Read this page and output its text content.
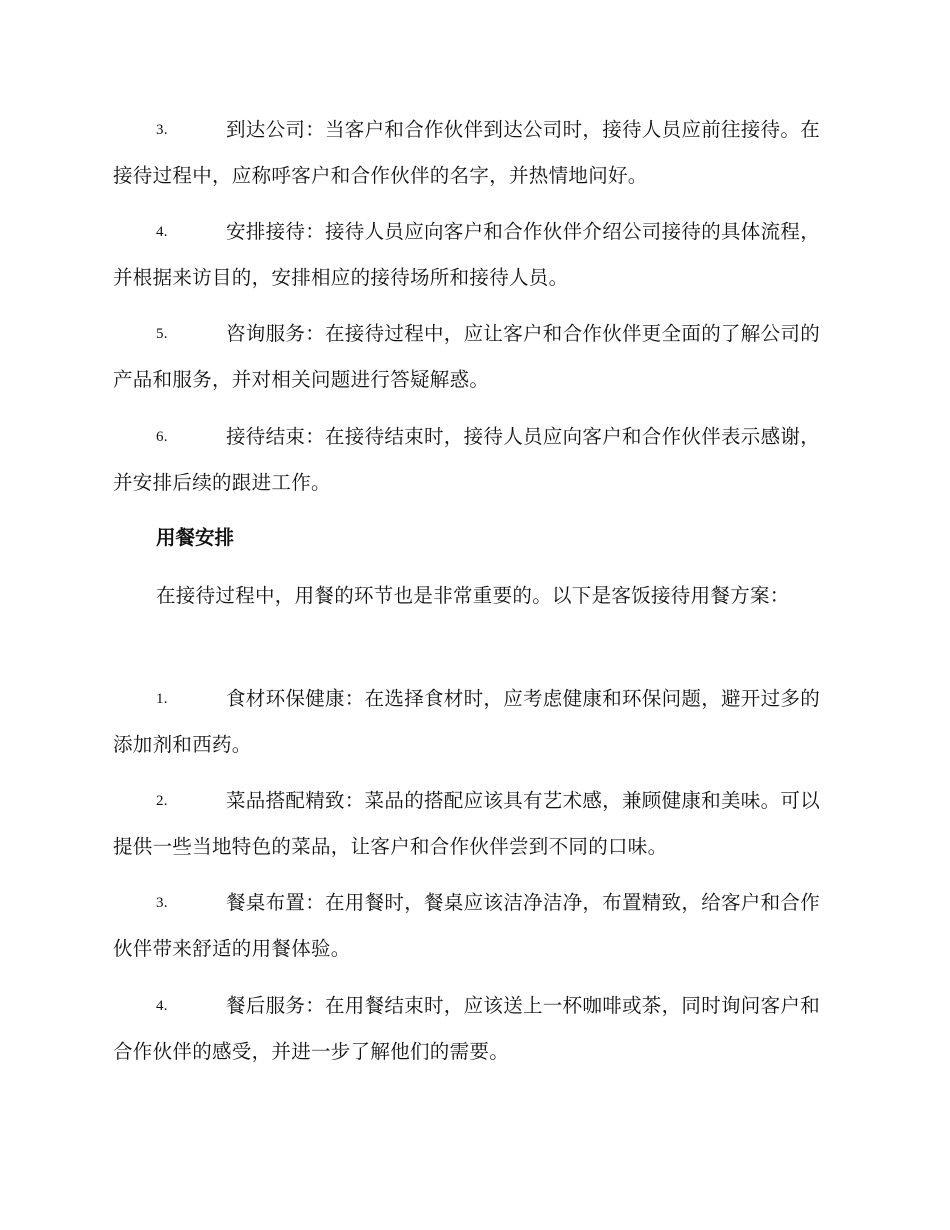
3.	到达公司：当客户和合作伙伴到达公司时，接待人员应前往接待。在接待过程中，应称呼客户和合作伙伴的名字，并热情地问好。
4.	安排接待：接待人员应向客户和合作伙伴介绍公司接待的具体流程，并根据来访目的，安排相应的接待场所和接待人员。
5.	咨询服务：在接待过程中，应让客户和合作伙伴更全面的了解公司的产品和服务，并对相关问题进行答疑解惑。
6.	接待结束：在接待结束时，接待人员应向客户和合作伙伴表示感谢，并安排后续的跟进工作。
用餐安排
在接待过程中，用餐的环节也是非常重要的。以下是客饭接待用餐方案：
1.	食材环保健康：在选择食材时，应考虑健康和环保问题，避开过多的添加剂和西药。
2.	菜品搭配精致：菜品的搭配应该具有艺术感，兼顾健康和美味。可以提供一些当地特色的菜品，让客户和合作伙伴尝到不同的口味。
3.	餐桌布置：在用餐时，餐桌应该洁净洁净，布置精致，给客户和合作伙伴带来舒适的用餐体验。
4.	餐后服务：在用餐结束时，应该送上一杯咖啡或茶，同时询问客户和合作伙伴的感受，并进一步了解他们的需要。
